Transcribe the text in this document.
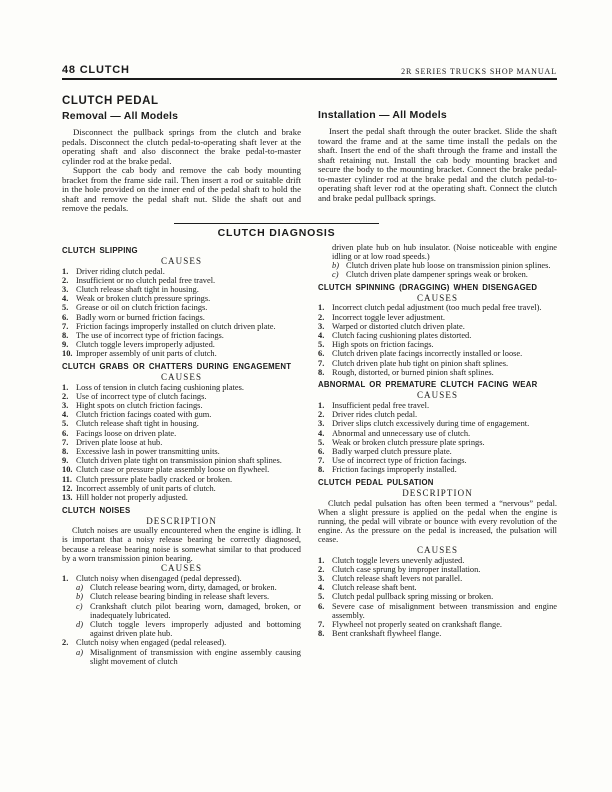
48 CLUTCH	2R SERIES TRUCKS SHOP MANUAL
CLUTCH PEDAL
Removal — All Models

Disconnect the pullback springs from the clutch and brake pedals. Disconnect the clutch pedal-to-operating shaft lever at the operating shaft and also disconnect the brake pedal-to-master cylinder rod at the brake pedal.

Support the cab body and remove the cab body mounting bracket from the frame side rail. Then insert a rod or suitable drift in the hole provided on the inner end of the pedal shaft to hold the shaft and remove the pedal shaft nut. Slide the shaft out and remove the pedals.

Installation — All Models

Insert the pedal shaft through the outer bracket. Slide the shaft toward the frame and at the same time install the pedals on the shaft. Insert the end of the shaft through the frame and install the shaft retaining nut. Install the cab body mounting bracket and secure the body to the mounting bracket. Connect the brake pedal-to-master cylinder rod at the brake pedal and the clutch pedal-to-operating shaft lever rod at the operating shaft. Connect the clutch and brake pedal pullback springs.

CLUTCH DIAGNOSIS
CLUTCH SLIPPING
CAUSES
1. Driver riding clutch pedal.
2. Insufficient or no clutch pedal free travel.
3. Clutch release shaft tight in housing.
4. Weak or broken clutch pressure springs.
5. Grease or oil on clutch friction facings.
6. Badly worn or burned friction facings.
7. Friction facings improperly installed on clutch driven plate.
8. The use of incorrect type of friction facings.
9. Clutch toggle levers improperly adjusted.
10. Improper assembly of unit parts of clutch.
CLUTCH GRABS OR CHATTERS DURING ENGAGEMENT
CAUSES
1. Loss of tension in clutch facing cushioning plates.
2. Use of incorrect type of clutch facings.
3. Hight spots on clutch friction facings.
4. Clutch friction facings coated with gum.
5. Clutch release shaft tight in housing.
6. Facings loose on driven plate.
7. Driven plate loose at hub.
8. Excessive lash in power transmitting units.
9. Clutch driven plate tight on transmission pinion shaft splines.
10. Clutch case or pressure plate assembly loose on flywheel.
11. Clutch pressure plate badly cracked or broken.
12. Incorrect assembly of unit parts of clutch.
13. Hill holder not properly adjusted.
CLUTCH NOISES
DESCRIPTION

Clutch noises are usually encountered when the engine is idling. It is important that a noisy release bearing be correctly diagnosed, because a release bearing noise is somewhat similar to that produced by a worn transmission pinion bearing.

CAUSES
1. Clutch noisy when disengaged (pedal depressed).
a) Clutch release bearing worn, dirty, damaged, or broken.
b) Clutch release bearing binding in release shaft levers.
c) Crankshaft clutch pilot bearing worn, damaged, broken, or inadequately lubricated.
d) Clutch toggle levers improperly adjusted and bottoming against driven plate hub.
2. Clutch noisy when engaged (pedal released).
a) Misalignment of transmission with engine assembly causing slight movement of clutch
driven plate hub on hub insulator. (Noise noticeable with engine idling or at low road speeds.)
b) Clutch driven plate hub loose on transmission pinion splines.
c) Clutch driven plate dampener springs weak or broken.
CLUTCH SPINNING (DRAGGING) WHEN DISENGAGED
CAUSES
1. Incorrect clutch pedal adjustment (too much pedal free travel).
2. Incorrect toggle lever adjustment.
3. Warped or distorted clutch driven plate.
4. Clutch facing cushioning plates distorted.
5. High spots on friction facings.
6. Clutch driven plate facings incorrectly installed or loose.
7. Clutch driven plate hub tight on pinion shaft splines.
8. Rough, distorted, or burned pinion shaft splines.
ABNORMAL OR PREMATURE CLUTCH FACING WEAR
CAUSES
1. Insufficient pedal free travel.
2. Driver rides clutch pedal.
3. Driver slips clutch excessively during time of engagement.
4. Abnormal and unnecessary use of clutch.
5. Weak or broken clutch pressure plate springs.
6. Badly warped clutch pressure plate.
7. Use of incorrect type of friction facings.
8. Friction facings improperly installed.
CLUTCH PEDAL PULSATION
DESCRIPTION

Clutch pedal pulsation has often been termed a “nervous” pedal. When a slight pressure is applied on the pedal when the engine is running, the pedal will vibrate or bounce with every revolution of the engine. As the pressure on the pedal is increased, the pulsation will cease.

CAUSES
1. Clutch toggle levers unevenly adjusted.
2. Clutch case sprung by improper installation.
3. Clutch release shaft levers not parallel.
4. Clutch release shaft bent.
5. Clutch pedal pullback spring missing or broken.
6. Severe case of misalignment between transmission and engine assembly.
7. Flywheel not properly seated on crankshaft flange.
8. Bent crankshaft flywheel flange.
